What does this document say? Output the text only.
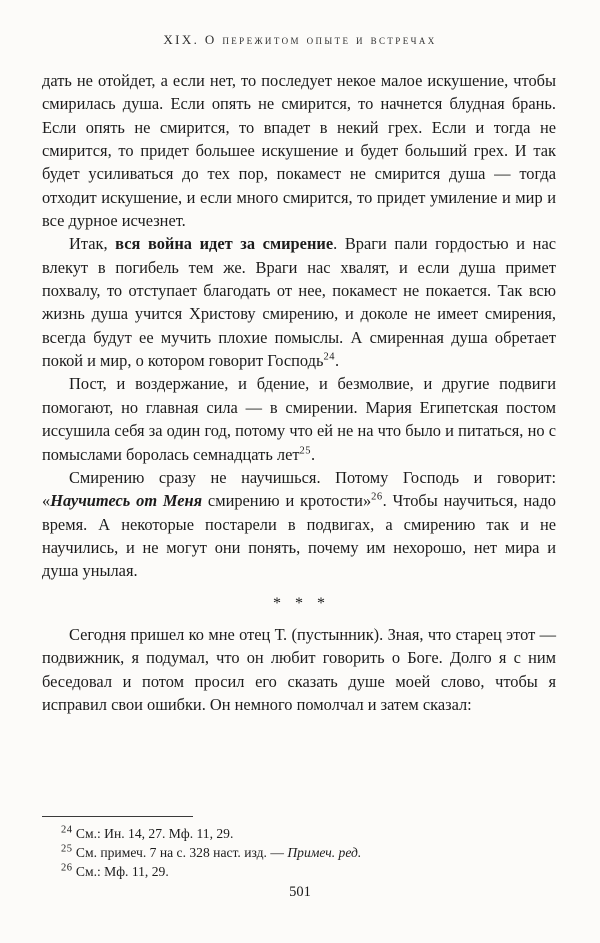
XIX. О пережитом опыте и встречах

дать не отойдет, а если нет, то последует некое малое искушение, чтобы смирилась душа. Если опять не смирится, то начнется блудная брань. Если опять не смирится, то впадет в некий грех. Если и тогда не смирится, то придет большее искушение и будет больший грех. И так будет усиливаться до тех пор, покамест не смирится душа — тогда отходит искушение, и если много смирится, то придет умиление и мир и все дурное исчезнет.

Итак, вся война идет за смирение. Враги пали гордостью и нас влекут в погибель тем же. Враги нас хвалят, и если душа примет похвалу, то отступает благодать от нее, покамест не покается. Так всю жизнь душа учится Христову смирению, и доколе не имеет смирения, всегда будут ее мучить плохие помыслы. А смиренная душа обретает покой и мир, о котором говорит Господь$^{24}$.

Пост, и воздержание, и бдение, и безмолвие, и другие подвиги помогают, но главная сила — в смирении. Мария Египетская постом иссушила себя за один год, потому что ей не на что было и питаться, но с помыслами боролась семнадцать лет$^{25}$.

Смирению сразу не научишься. Потому Господь и говорит: «Научитесь от Меня смирению и кротости»$^{26}$. Чтобы научиться, надо время. А некоторые постарели в подвигах, а смирению так и не научились, и не могут они понять, почему им нехорошо, нет мира и душа унылая.

* * *

Сегодня пришел ко мне отец Т. (пустынник). Зная, что старец этот — подвижник, я подумал, что он любит говорить о Боге. Долго я с ним беседовал и потом просил его сказать душе моей слово, чтобы я исправил свои ошибки. Он немного помолчал и затем сказал:

$^{24}$ См.: Ин. 14, 27. Мф. 11, 29.
$^{25}$ См. примеч. 7 на с. 328 наст. изд. — Примеч. ред.
$^{26}$ См.: Мф. 11, 29.
501
